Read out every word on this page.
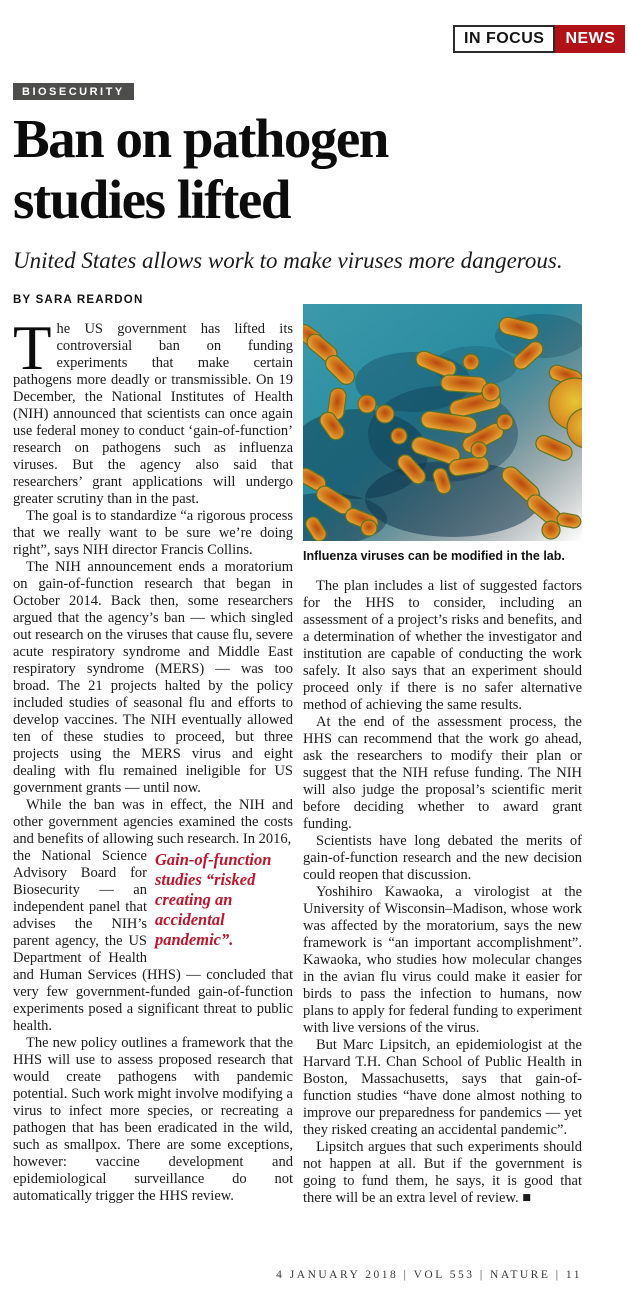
IN FOCUS	NEWS
BIOSECURITY
Ban on pathogen
studies lifted
United States allows work to make viruses more dangerous.
BY SARA REARDON

The US government has lifted its controversial ban on funding experiments that make certain pathogens more deadly or transmissible. On 19 December, the National Institutes of Health (NIH) announced that scientists can once again use federal money to conduct ‘gain-of-function’ research on pathogens such as influenza viruses. But the agency also said that researchers’ grant applications will undergo greater scrutiny than in the past.

The goal is to standardize “a rigorous process that we really want to be sure we’re doing right”, says NIH director Francis Collins.

The NIH announcement ends a moratorium on gain-of-function research that began in October 2014. Back then, some researchers argued that the agency’s ban — which singled out research on the viruses that cause flu, severe acute respiratory syndrome and Middle East respiratory syndrome (MERS) — was too broad. The 21 projects halted by the policy included studies of seasonal flu and efforts to develop vaccines. The NIH eventually allowed ten of these studies to proceed, but three projects using the MERS virus and eight dealing with flu remained ineligible for US government grants — until now.

While the ban was in effect, the NIH and other government agencies examined the costs and benefits of allowing such research. In 2016,

Gain-of-function studies “risked creating an accidental pandemic”.
the National Science Advisory Board for Biosecurity — an independent panel that advises the NIH’s parent agency, the US Department of Health and Human Services (HHS) — concluded that very few government-funded gain-of-function experiments posed a significant threat to public health.

The new policy outlines a framework that the HHS will use to assess proposed research that would create pathogens with pandemic potential. Such work might involve modifying a virus to infect more species, or recreating a pathogen that has been eradicated in the wild, such as smallpox. There are some exceptions, however: vaccine development and epidemiological surveillance do not automatically trigger the HHS review.

Influenza viruses can be modified in the lab.

The plan includes a list of suggested factors for the HHS to consider, including an assessment of a project’s risks and benefits, and a determination of whether the investigator and institution are capable of conducting the work safely. It also says that an experiment should proceed only if there is no safer alternative method of achieving the same results.

At the end of the assessment process, the HHS can recommend that the work go ahead, ask the researchers to modify their plan or suggest that the NIH refuse funding. The NIH will also judge the proposal’s scientific merit before deciding whether to award grant funding.

Scientists have long debated the merits of gain-of-function research and the new decision could reopen that discussion.

Yoshihiro Kawaoka, a virologist at the University of Wisconsin–Madison, whose work was affected by the moratorium, says the new framework is “an important accomplishment”. Kawaoka, who studies how molecular changes in the avian flu virus could make it easier for birds to pass the infection to humans, now plans to apply for federal funding to experiment with live versions of the virus.

But Marc Lipsitch, an epidemiologist at the Harvard T.H. Chan School of Public Health in Boston, Massachusetts, says that gain-of-function studies “have done almost nothing to improve our preparedness for pandemics — yet they risked creating an accidental pandemic”.

Lipsitch argues that such experiments should not happen at all. But if the government is going to fund them, he says, it is good that there will be an extra level of review. ■

4 JANUARY 2018 | VOL 553 | NATURE | 11
